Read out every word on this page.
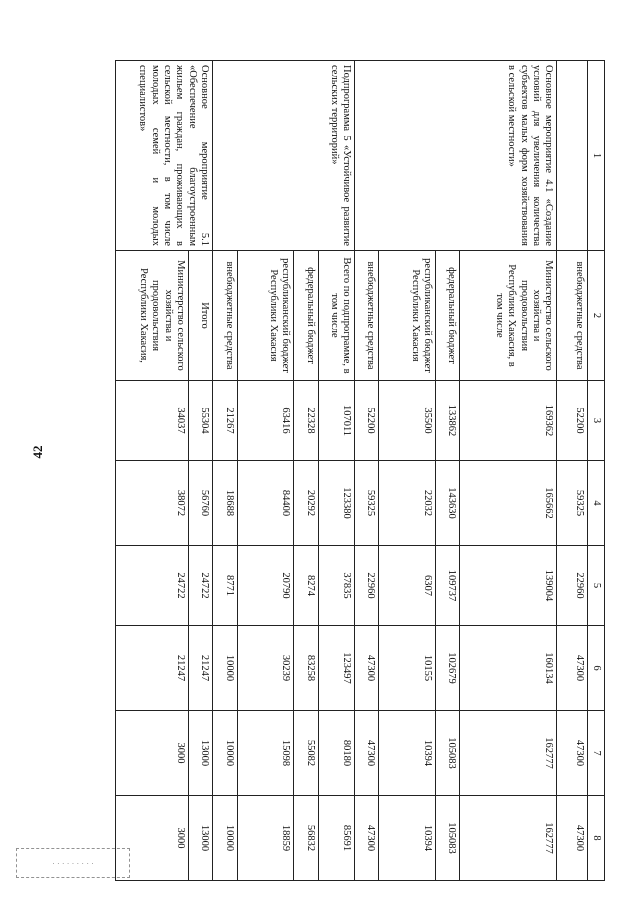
42
· · · · · · · · ·
1	2	3	4	5	6	7	8
	внебюджетные средства	52200	59325	22960	47300	47300	47300
Основное мероприятие 4.1 «Создание условий для увеличения количества субъектов малых форм хозяйствования в сельской местности»	Министерство сельского хозяйства и продовольствия Республики Хакасия, в том числе	169362	165662	139004	160134	162777	162777
	федеральный бюджет	133862	143630	109737	102679	105083	105083
	республиканский бюджет Республики Хакасия	35500	22032	6307	10155	10394	10394
	внебюджетные средства	52200	59325	22960	47300	47300	47300
Подпрограмма 5 «Устойчивое развитие сельских территорий»	Всего по подпрограмме, в том числе	107011	123380	37835	123497	80180	85691
	федеральный бюджет	22328	20292	8274	83258	55082	56832
	республиканский бюджет Республики Хакасия	63416	84400	20790	30239	15098	18859
	внебюджетные средства	21267	18688	8771	10000	10000	10000
Основное мероприятие 5.1 «Обеспечение благоустроенным жильем граждан, проживающих в сельской местности, в том числе молодых семей и молодых специалистов»	Итого	55304	56760	24722	21247	13000	13000
	Министерство сельского хозяйства и продовольствия Республики Хакасия,	34037	38072	24722	21247	3000	3000
